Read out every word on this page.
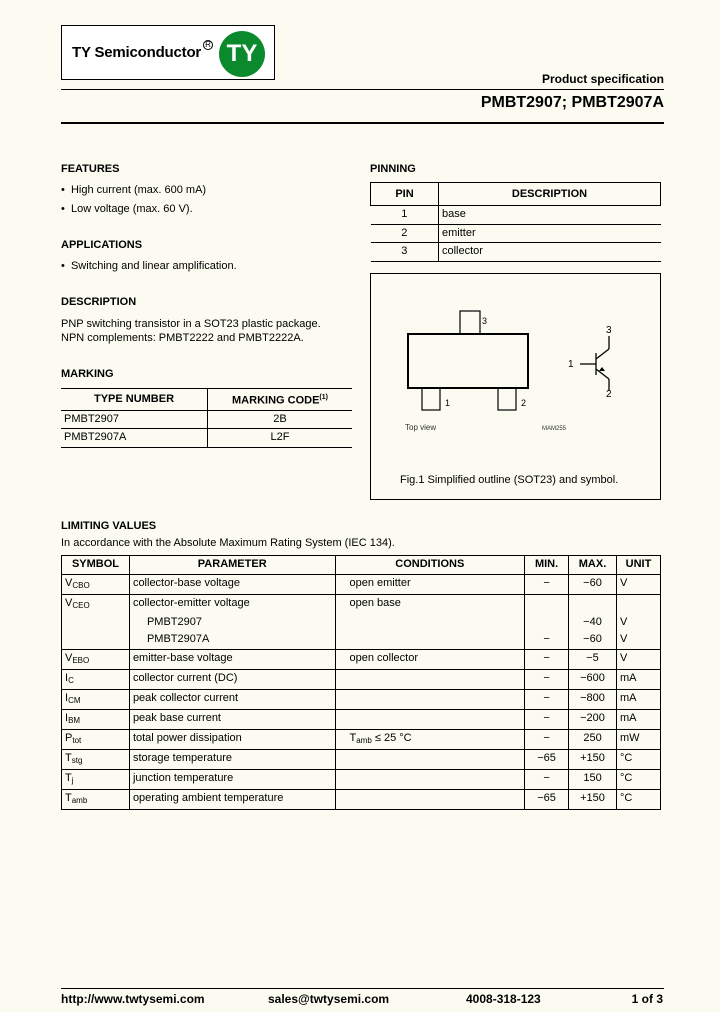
TY Semiconductor R TY
Product specification
PMBT2907; PMBT2907A
FEATURES
•  High current (max. 600 mA)
•  Low voltage (max. 60 V).
APPLICATIONS
•  Switching and linear amplification.
DESCRIPTION
PNP switching transistor in a SOT23 plastic package.
NPN complements: PMBT2222 and PMBT2222A.
MARKING
TYPE NUMBER	MARKING CODE$^{(1)}$
PMBT2907	2B
PMBT2907A	L2F
PINNING
PIN	DESCRIPTION
1	base
2	emitter
3	collector
3
1	2
Top view	MAM255
1
2
3
Fig.1 Simplified outline (SOT23) and symbol.
LIMITING VALUES
In accordance with the Absolute Maximum Rating System (IEC 134).
SYMBOL	PARAMETER	CONDITIONS	MIN.	MAX.	UNIT
$V_{CBO}$	collector-base voltage	open emitter	−	−60	V
$V_{CEO}$	collector-emitter voltage	open base			
	PMBT2907			−40	V
	PMBT2907A		−	−60	V
$V_{EBO}$	emitter-base voltage	open collector	−	−5	V
$I_C$	collector current (DC)		−	−600	mA
$I_{CM}$	peak collector current		−	−800	mA
$I_{BM}$	peak base current		−	−200	mA
$P_{tot}$	total power dissipation	$T_{amb} \le 25$ °C	−	250	mW
$T_{stg}$	storage temperature		−65	+150	°C
$T_j$	junction temperature		−	150	°C
$T_{amb}$	operating ambient temperature		−65	+150	°C
http://www.twtysemi.com	sales@twtysemi.com	4008-318-123	1 of 3
